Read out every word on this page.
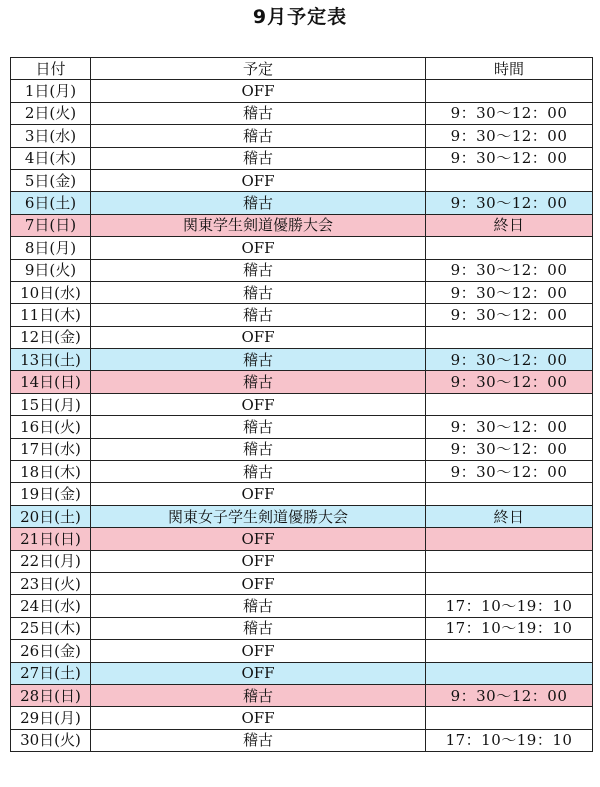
9月予定表
日付	予定	時間
1日(月)	OFF	
2日(火)	稽古	9：30～12：00
3日(水)	稽古	9：30～12：00
4日(木)	稽古	9：30～12：00
5日(金)	OFF	
6日(土)	稽古	9：30～12：00
7日(日)	関東学生剣道優勝大会	終日
8日(月)	OFF	
9日(火)	稽古	9：30～12：00
10日(水)	稽古	9：30～12：00
11日(木)	稽古	9：30～12：00
12日(金)	OFF	
13日(土)	稽古	9：30～12：00
14日(日)	稽古	9：30～12：00
15日(月)	OFF	
16日(火)	稽古	9：30～12：00
17日(水)	稽古	9：30～12：00
18日(木)	稽古	9：30～12：00
19日(金)	OFF	
20日(土)	関東女子学生剣道優勝大会	終日
21日(日)	OFF	
22日(月)	OFF	
23日(火)	OFF	
24日(水)	稽古	17：10～19：10
25日(木)	稽古	17：10～19：10
26日(金)	OFF	
27日(土)	OFF	
28日(日)	稽古	9：30～12：00
29日(月)	OFF	
30日(火)	稽古	17：10～19：10
